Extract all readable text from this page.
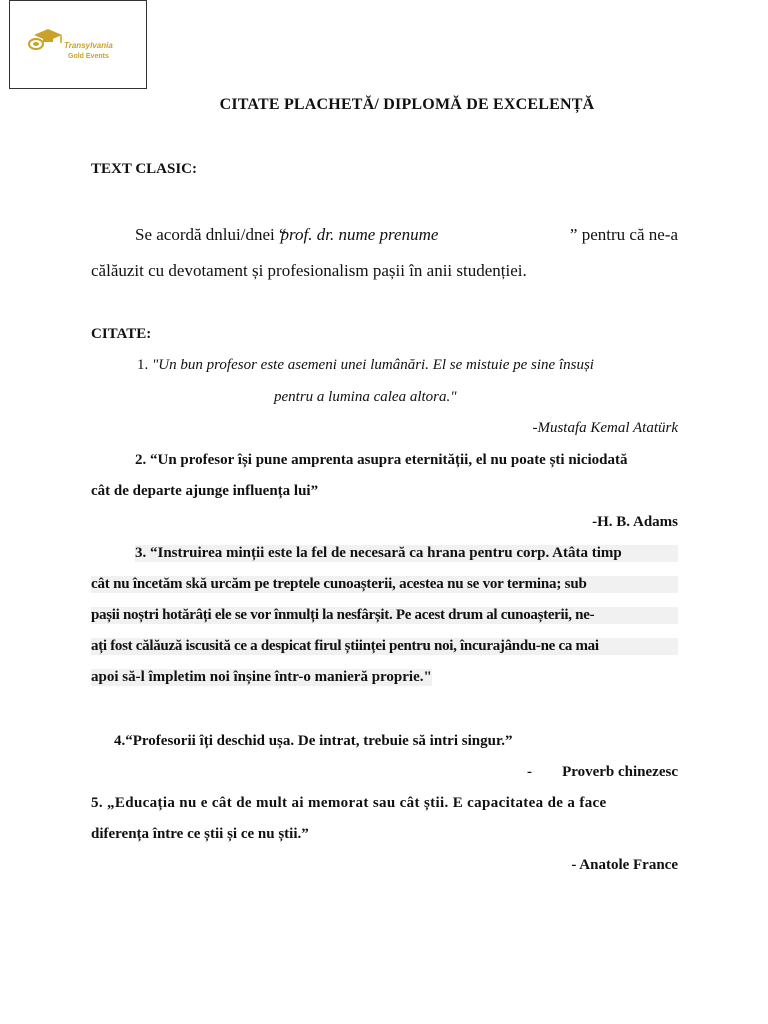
Transylvania
Gold Events
CITATE PLACHETĂ/ DIPLOMĂ DE EXCELENȚĂ
TEXT CLASIC:
Se acordă dnlui/dnei “
prof. dr. nume prenume	” pentru că ne-a
călăuzit cu devotament și profesionalism pașii în anii studenției.
CITATE:
1. "Un bun profesor este asemeni unei lumânări. El se mistuie pe sine însuși
pentru a lumina calea altora."
-Mustafa Kemal Atatürk
2. “Un profesor își pune amprenta asupra eternității, el nu poate ști niciodată
cât de departe ajunge influența lui”
-H. B. Adams
3. “Instruirea minții este la fel de necesară ca hrana pentru corp. Atâta timp
cât nu încetăm skă urcăm pe treptele cunoașterii, acestea nu se vor termina; sub
pașii noștri hotărâți ele se vor înmulți la nesfârșit. Pe acest drum al cunoașterii, ne-
ați fost călăuză iscusită ce a despicat firul științei pentru noi, încurajându-ne ca mai
apoi să-l împletim noi înșine într-o manieră proprie."
4.“Profesorii îți deschid ușa. De intrat, trebuie să intri singur.”
-	Proverb chinezesc
5. „Educația nu e cât de mult ai memorat sau cât știi. E capacitatea de a face
diferența între ce știi și ce nu știi.”
- Anatole France
